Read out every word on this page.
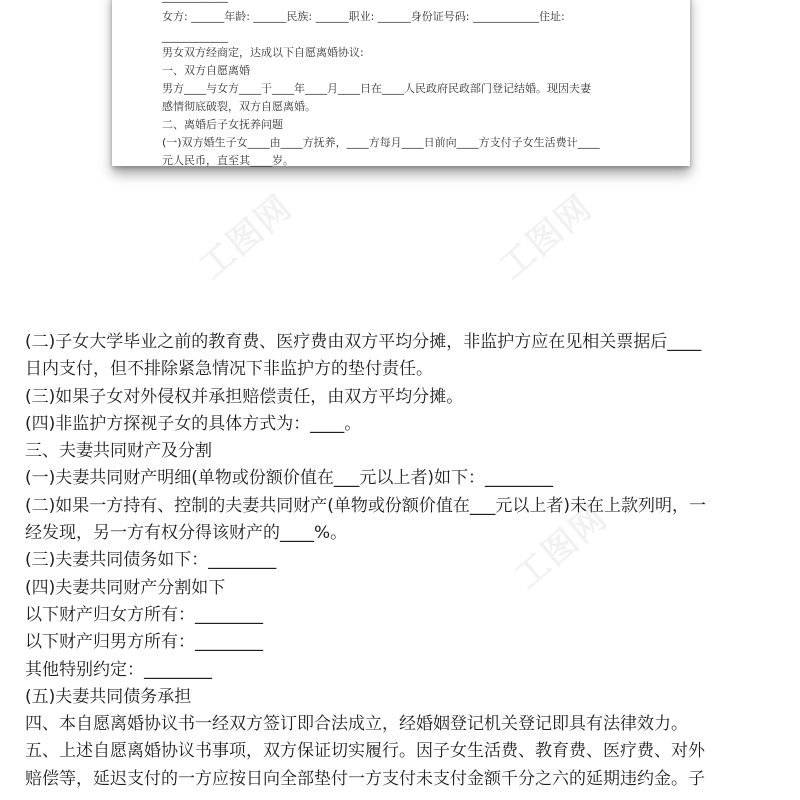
女方: ______年龄: ______民族: ______职业: ______身份证号码: ____________住址:

____________

男女双方经商定，达成以下自愿离婚协议:

一、双方自愿离婚

男方____与女方____于____年____月____日在____人民政府民政部门登记结婚。现因夫妻

感情彻底破裂，双方自愿离婚。

二、离婚后子女抚养问题

(一)双方婚生子女____由____方抚养，____方每月____日前向____方支付子女生活费计____

元人民币，直至其____岁。

工图网	工图网
工图网

(二)子女大学毕业之前的教育费、医疗费由双方平均分摊，非监护方应在见相关票据后____

日内支付，但不排除紧急情况下非监护方的垫付责任。

(三)如果子女对外侵权并承担赔偿责任，由双方平均分摊。

(四)非监护方探视子女的具体方式为：____。

三、夫妻共同财产及分割

(一)夫妻共同财产明细(单物或份额价值在___元以上者)如下：________

(二)如果一方持有、控制的夫妻共同财产(单物或份额价值在___元以上者)未在上款列明，一

经发现，另一方有权分得该财产的____%。

(三)夫妻共同债务如下：________

(四)夫妻共同财产分割如下

以下财产归女方所有：________

以下财产归男方所有：________

其他特别约定：________

(五)夫妻共同债务承担

四、本自愿离婚协议书一经双方签订即合法成立，经婚姻登记机关登记即具有法律效力。

五、上述自愿离婚协议书事项，双方保证切实履行。因子女生活费、教育费、医疗费、对外

赔偿等，延迟支付的一方应按日向全部垫付一方支付未支付金额千分之六的延期违约金。子
